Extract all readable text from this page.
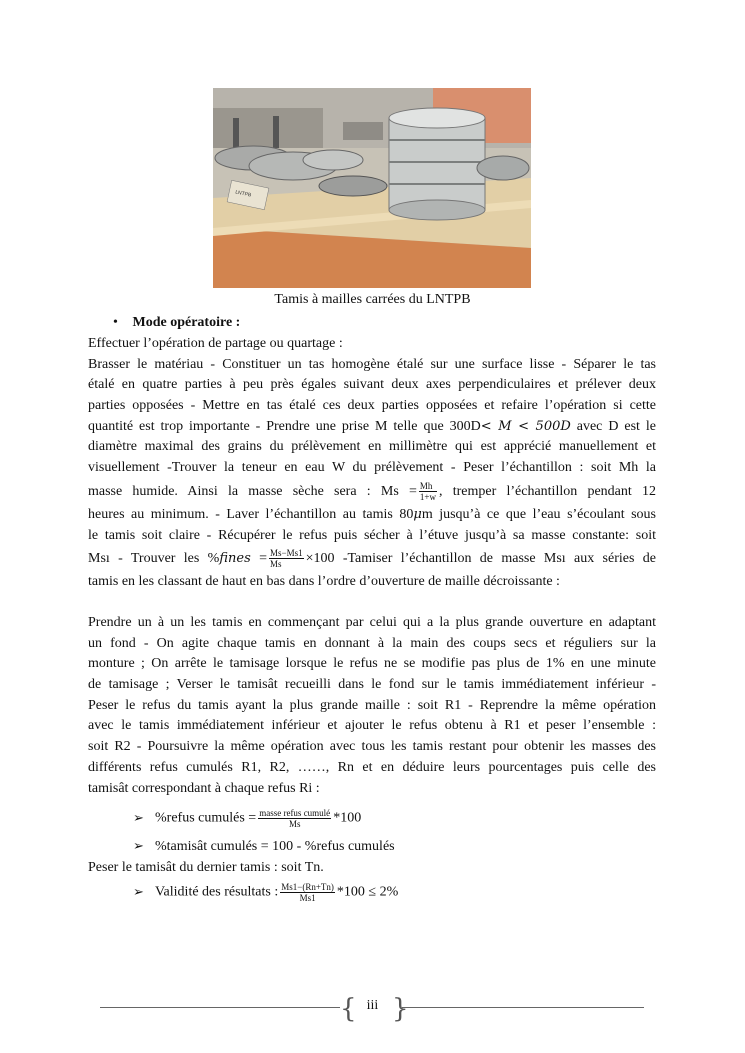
LNTPB
Tamis à mailles carrées du LNTPB
• Mode opératoire :
Effectuer l’opération de partage ou quartage :
Brasser le matériau - Constituer un tas homogène étalé sur une surface lisse - Séparer le tas
étalé en quatre parties à peu près égales suivant deux axes perpendiculaires et prélever deux
parties opposées - Mettre en tas étalé ces deux parties opposées et refaire l’opération si cette
quantité est trop importante - Prendre une prise M telle que 300D< M < 500D avec D est le
diamètre maximal des grains du prélèvement en millimètre qui est apprécié manuellement et
visuellement -Trouver la teneur en eau W du prélèvement - Peser l’échantillon : soit Mh la
masse humide. Ainsi la masse sèche sera : $Ms = \frac{Mh}{1+w}$ , tremper l’échantillon pendant 12
heures au minimum. - Laver l’échantillon au tamis 80μm jusqu’à ce que l’eau s’écoulant sous
le tamis soit claire - Récupérer le refus puis sécher à l’étuve jusqu’à sa masse constante: soit
Msı - Trouver les %fines = $\frac{Ms-Ms1}{Ms} \times 100$ -Tamiser l’échantillon de masse Msı aux séries de
tamis en les classant de haut en bas dans l’ordre d’ouverture de maille décroissante :
Prendre un à un les tamis en commençant par celui qui a la plus grande ouverture en adaptant
un fond - On agite chaque tamis en donnant à la main des coups secs et réguliers sur la
monture ; On arrête le tamisage lorsque le refus ne se modifie pas plus de 1% en une minute
de tamisage ; Verser le tamisât recueilli dans le fond sur le tamis immédiatement inférieur -
Peser le refus du tamis ayant la plus grande maille : soit R1 - Reprendre la même opération
avec le tamis immédiatement inférieur et ajouter le refus obtenu à R1 et peser l’ensemble :
soit R2 - Poursuivre la même opération avec tous les tamis restant pour obtenir les masses des
différents refus cumulés R1, R2, ……, Rn et en déduire leurs pourcentages puis celle des
tamisât correspondant à chaque refus Ri :
➢ %refus cumulés = $\frac{\text{masse refus cumulé}}{Ms} *100$
➢ %tamisât cumulés = 100 - %refus cumulés
Peser le tamisât du dernier tamis : soit Tn.
➢ Validité des résultats : $\frac{Ms1-(Rn+Tn)}{Ms1} *100 \le 2\%$
{ }
iii
